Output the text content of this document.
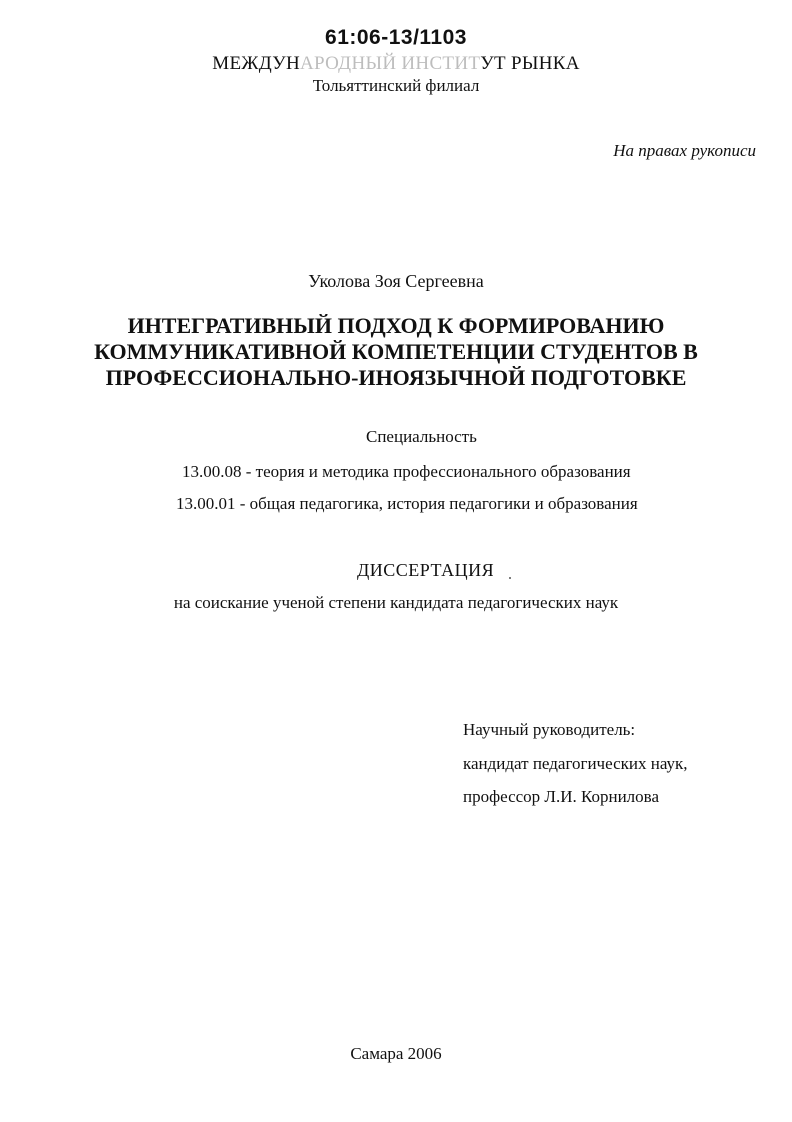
61:06-13/1103
МЕЖДУНАРОДНЫЙ ИНСТИТУТ РЫНКА
Тольяттинский филиал
На правах рукописи
Уколова Зоя Сергеевна
ИНТЕГРАТИВНЫЙ ПОДХОД К ФОРМИРОВАНИЮ
КОММУНИКАТИВНОЙ КОМПЕТЕНЦИИ СТУДЕНТОВ В
ПРОФЕССИОНАЛЬНО-ИНОЯЗЫЧНОЙ ПОДГОТОВКЕ
Специальность
13.00.08 - теория и методика профессионального образования
13.00.01 - общая педагогика, история педагогики и образования
ДИССЕРТАЦИЯ
на соискание ученой степени кандидата педагогических наук
Научный руководитель:
кандидат педагогических наук,
профессор Л.И. Корнилова
Самара 2006
